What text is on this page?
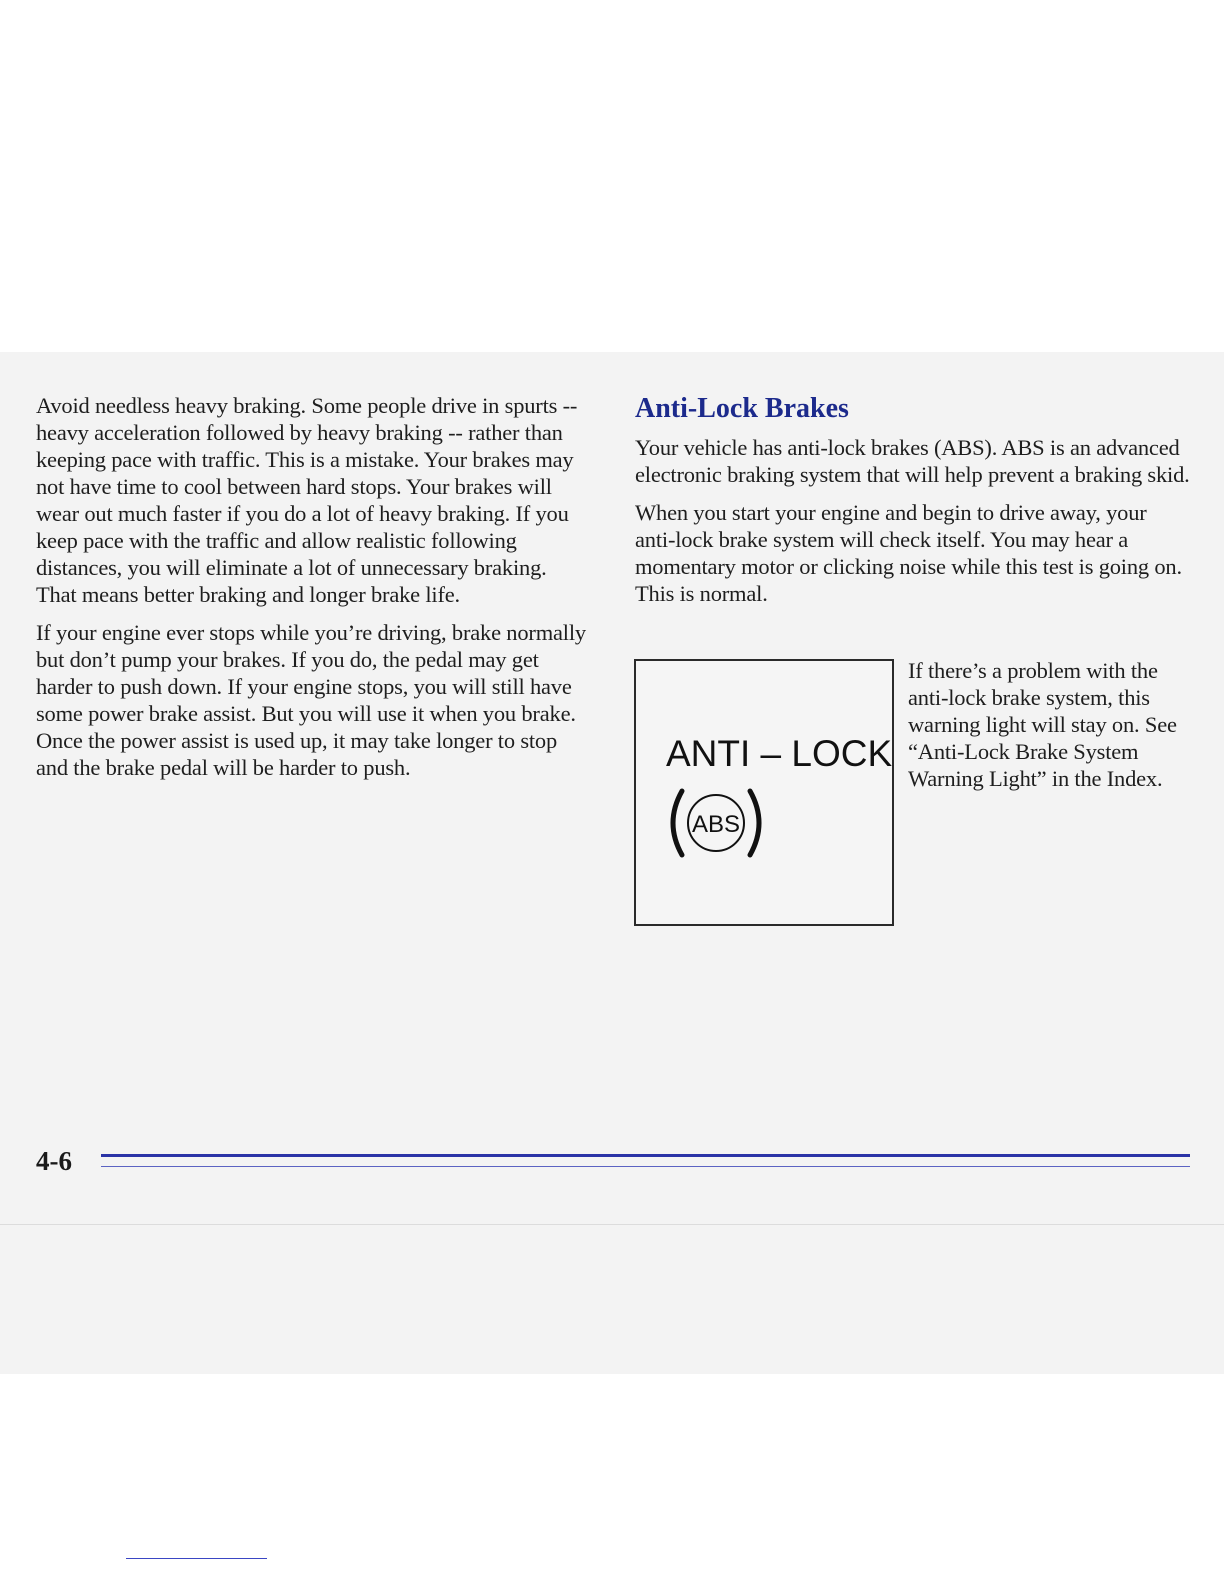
Avoid needless heavy braking. Some people drive in spurts -- heavy acceleration followed by heavy braking -- rather than keeping pace with traffic. This is a mistake. Your brakes may not have time to cool between hard stops. Your brakes will wear out much faster if you do a lot of heavy braking. If you keep pace with the traffic and allow realistic following distances, you will eliminate a lot of unnecessary braking. That means better braking and longer brake life.

If your engine ever stops while you’re driving, brake normally but don’t pump your brakes. If you do, the pedal may get harder to push down. If your engine stops, you will still have some power brake assist. But you will use it when you brake. Once the power assist is used up, it may take longer to stop and the brake pedal will be harder to push.

Anti-Lock Brakes

Your vehicle has anti-lock brakes (ABS). ABS is an advanced electronic braking system that will help prevent a braking skid.

When you start your engine and begin to drive away, your anti-lock brake system will check itself. You may hear a momentary motor or clicking noise while this test is going on. This is normal.

ANTI – LOCK
ABS

If there’s a problem with the anti-lock brake system, this warning light will stay on. See “Anti-Lock Brake System Warning Light” in the Index.

4-6
